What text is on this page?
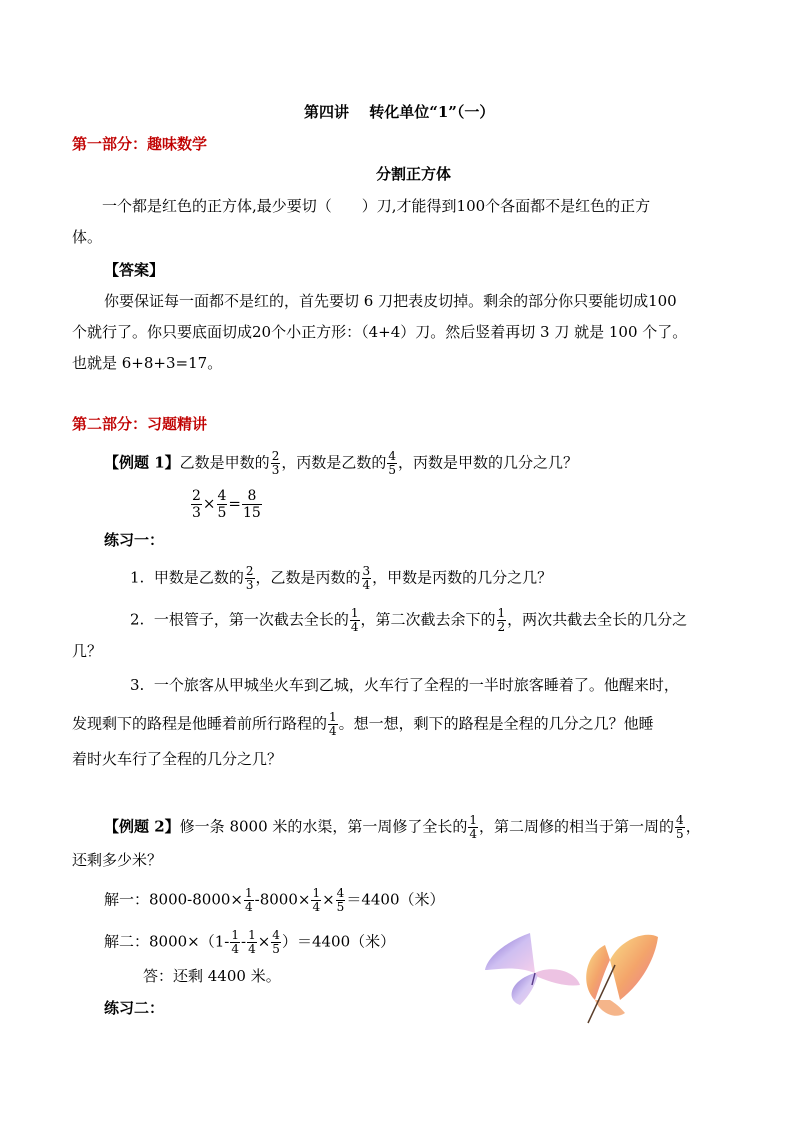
第四讲　 转化单位“1”（一）
第一部分：趣味数学
分割正方体
一个都是红色的正方体,最少要切（　　）刀,才能得到100个各面都不是红色的正方
体。
【答案】
你要保证每一面都不是红的，首先要切 6 刀把表皮切掉。剩余的部分你只要能切成100
个就行了。你只要底面切成20个小正方形：（4+4）刀。然后竖着再切 3 刀 就是 100 个了。
也就是 6+8+3=17。
第二部分：习题精讲
【例题 1】乙数是甲数的 $\frac{2}{3}$ ，丙数是乙数的 $\frac{4}{5}$ ，丙数是甲数的几分之几？
$\frac{2}{3} \times \frac{4}{5} = \frac{8}{15}$
练习一：
1. 甲数是乙数的 $\frac{2}{3}$ ，乙数是丙数的 $\frac{3}{4}$ ，甲数是丙数的几分之几？
2. 一根管子，第一次截去全长的 $\frac{1}{4}$ ，第二次截去余下的 $\frac{1}{2}$ ，两次共截去全长的几分之
几？
3. 一个旅客从甲城坐火车到乙城，火车行了全程的一半时旅客睡着了。他醒来时，
发现剩下的路程是他睡着前所行路程的 $\frac{1}{4}$ 。想一想，剩下的路程是全程的几分之几？他睡
着时火车行了全程的几分之几？
【例题 2】修一条 8000 米的水渠，第一周修了全长的 $\frac{1}{4}$ ，第二周修的相当于第一周的 $\frac{4}{5}$ ，
还剩多少米？
解一：$8000-8000\times \frac{1}{4} -8000\times \frac{1}{4} \times \frac{4}{5} =4400$（米）
解二：$8000\times(1- \frac{1}{4} - \frac{1}{4} \times \frac{4}{5} )=4400$（米）
答：还剩 4400 米。
练习二：
